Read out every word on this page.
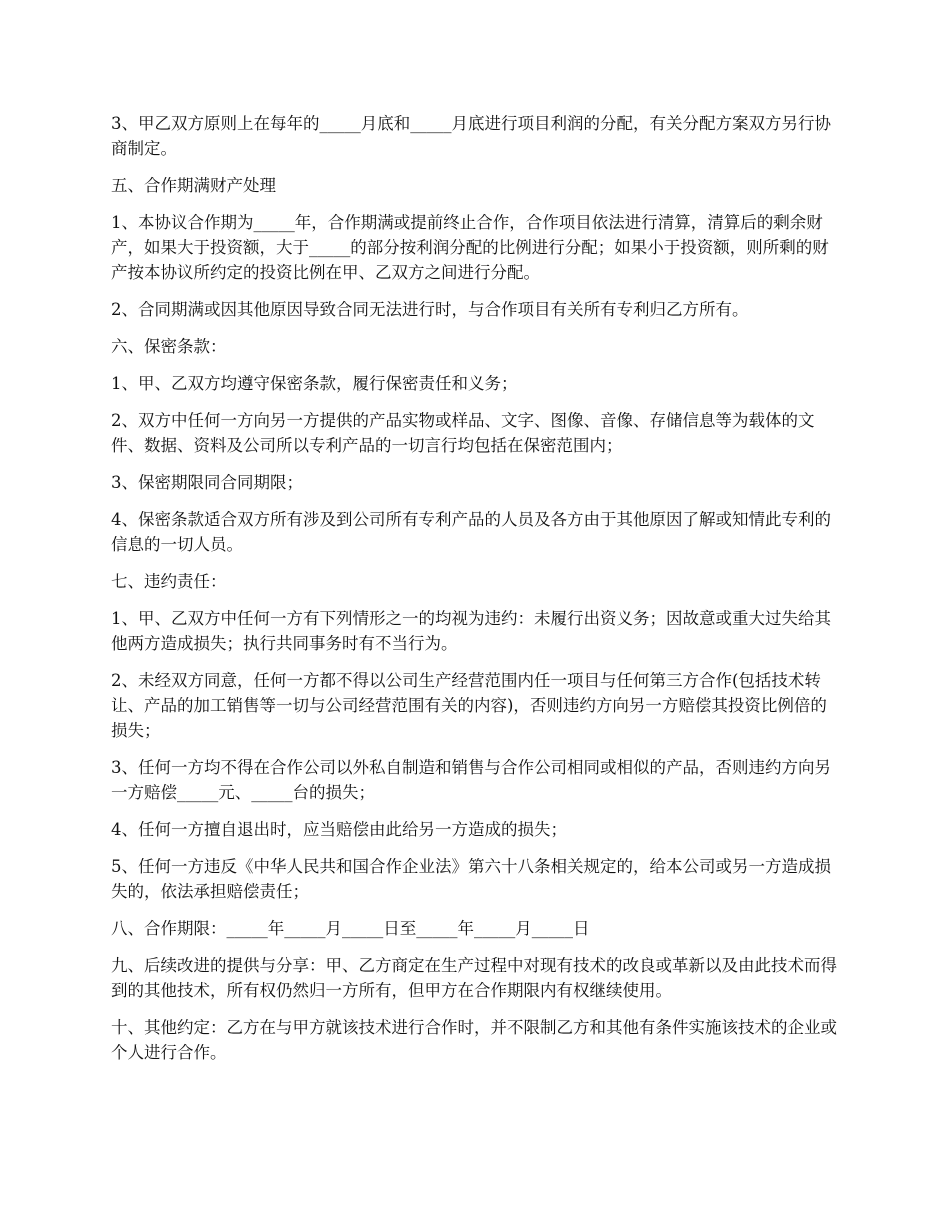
3、甲乙双方原则上在每年的_____月底和_____月底进行项目利润的分配，有关分配方案双方另行协商制定。

五、合作期满财产处理

1、本协议合作期为_____年，合作期满或提前终止合作，合作项目依法进行清算，清算后的剩余财产，如果大于投资额，大于_____的部分按利润分配的比例进行分配；如果小于投资额，则所剩的财产按本协议所约定的投资比例在甲、乙双方之间进行分配。

2、合同期满或因其他原因导致合同无法进行时，与合作项目有关所有专利归乙方所有。

六、保密条款：

1、甲、乙双方均遵守保密条款，履行保密责任和义务；

2、双方中任何一方向另一方提供的产品实物或样品、文字、图像、音像、存储信息等为载体的文件、数据、资料及公司所以专利产品的一切言行均包括在保密范围内；

3、保密期限同合同期限；

4、保密条款适合双方所有涉及到公司所有专利产品的人员及各方由于其他原因了解或知情此专利的信息的一切人员。

七、违约责任：

1、甲、乙双方中任何一方有下列情形之一的均视为违约：未履行出资义务；因故意或重大过失给其他两方造成损失；执行共同事务时有不当行为。

2、未经双方同意，任何一方都不得以公司生产经营范围内任一项目与任何第三方合作(包括技术转让、产品的加工销售等一切与公司经营范围有关的内容)，否则违约方向另一方赔偿其投资比例倍的损失；

3、任何一方均不得在合作公司以外私自制造和销售与合作公司相同或相似的产品，否则违约方向另一方赔偿_____元、_____台的损失；

4、任何一方擅自退出时，应当赔偿由此给另一方造成的损失；

5、任何一方违反《中华人民共和国合作企业法》第六十八条相关规定的，给本公司或另一方造成损失的，依法承担赔偿责任；

八、合作期限：_____年_____月_____日至_____年_____月_____日

九、后续改进的提供与分享：甲、乙方商定在生产过程中对现有技术的改良或革新以及由此技术而得到的其他技术，所有权仍然归一方所有，但甲方在合作期限内有权继续使用。

十、其他约定：乙方在与甲方就该技术进行合作时，并不限制乙方和其他有条件实施该技术的企业或个人进行合作。
